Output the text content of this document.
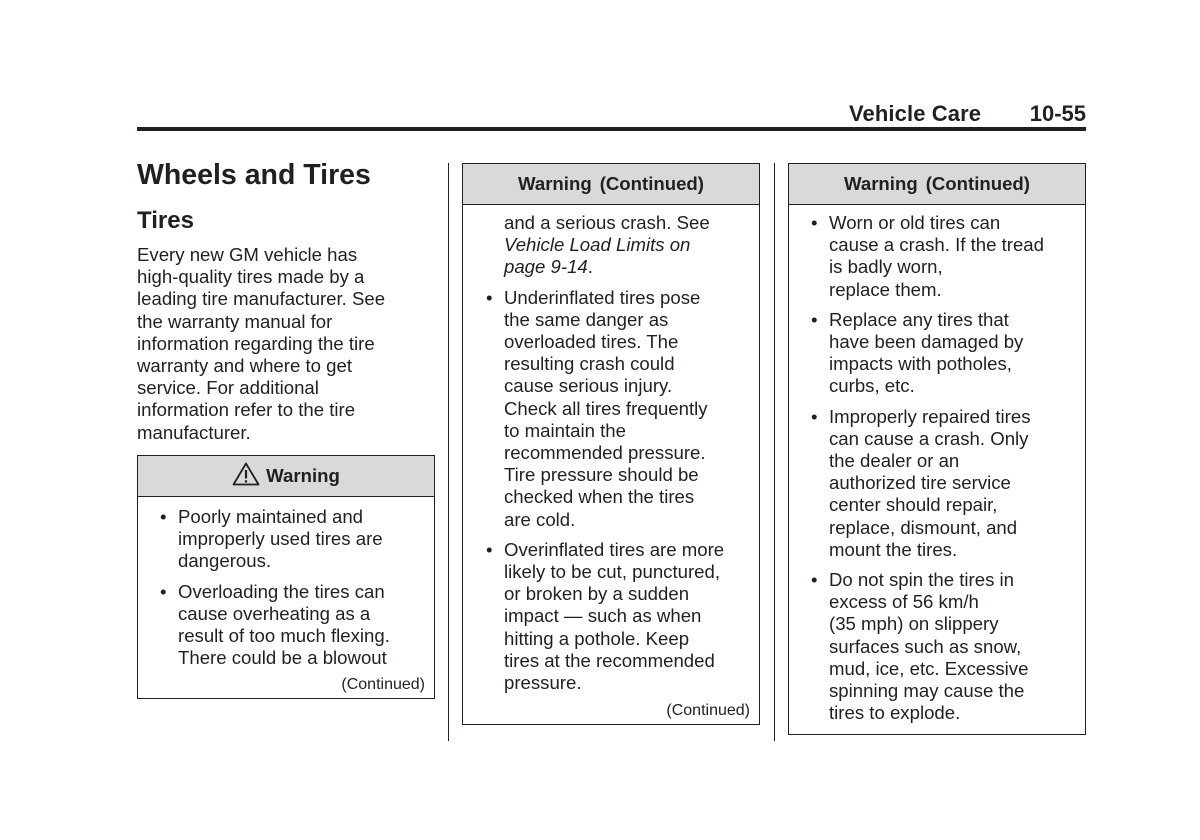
Vehicle Care 10-55
Wheels and Tires
Tires
Every new GM vehicle has
high-quality tires made by a
leading tire manufacturer. See
the warranty manual for
information regarding the tire
warranty and where to get
service. For additional
information refer to the tire
manufacturer.
Warning
• Poorly maintained and
improperly used tires are
dangerous.
• Overloading the tires can
cause overheating as a
result of too much flexing.
There could be a blowout
(Continued)
Warning (Continued)
and a serious crash. See
Vehicle Load Limits on
page 9-14.
• Underinflated tires pose
the same danger as
overloaded tires. The
resulting crash could
cause serious injury.
Check all tires frequently
to maintain the
recommended pressure.
Tire pressure should be
checked when the tires
are cold.
• Overinflated tires are more
likely to be cut, punctured,
or broken by a sudden
impact — such as when
hitting a pothole. Keep
tires at the recommended
pressure.
(Continued)
Warning (Continued)
• Worn or old tires can
cause a crash. If the tread
is badly worn,
replace them.
• Replace any tires that
have been damaged by
impacts with potholes,
curbs, etc.
• Improperly repaired tires
can cause a crash. Only
the dealer or an
authorized tire service
center should repair,
replace, dismount, and
mount the tires.
• Do not spin the tires in
excess of 56 km/h
(35 mph) on slippery
surfaces such as snow,
mud, ice, etc. Excessive
spinning may cause the
tires to explode.
